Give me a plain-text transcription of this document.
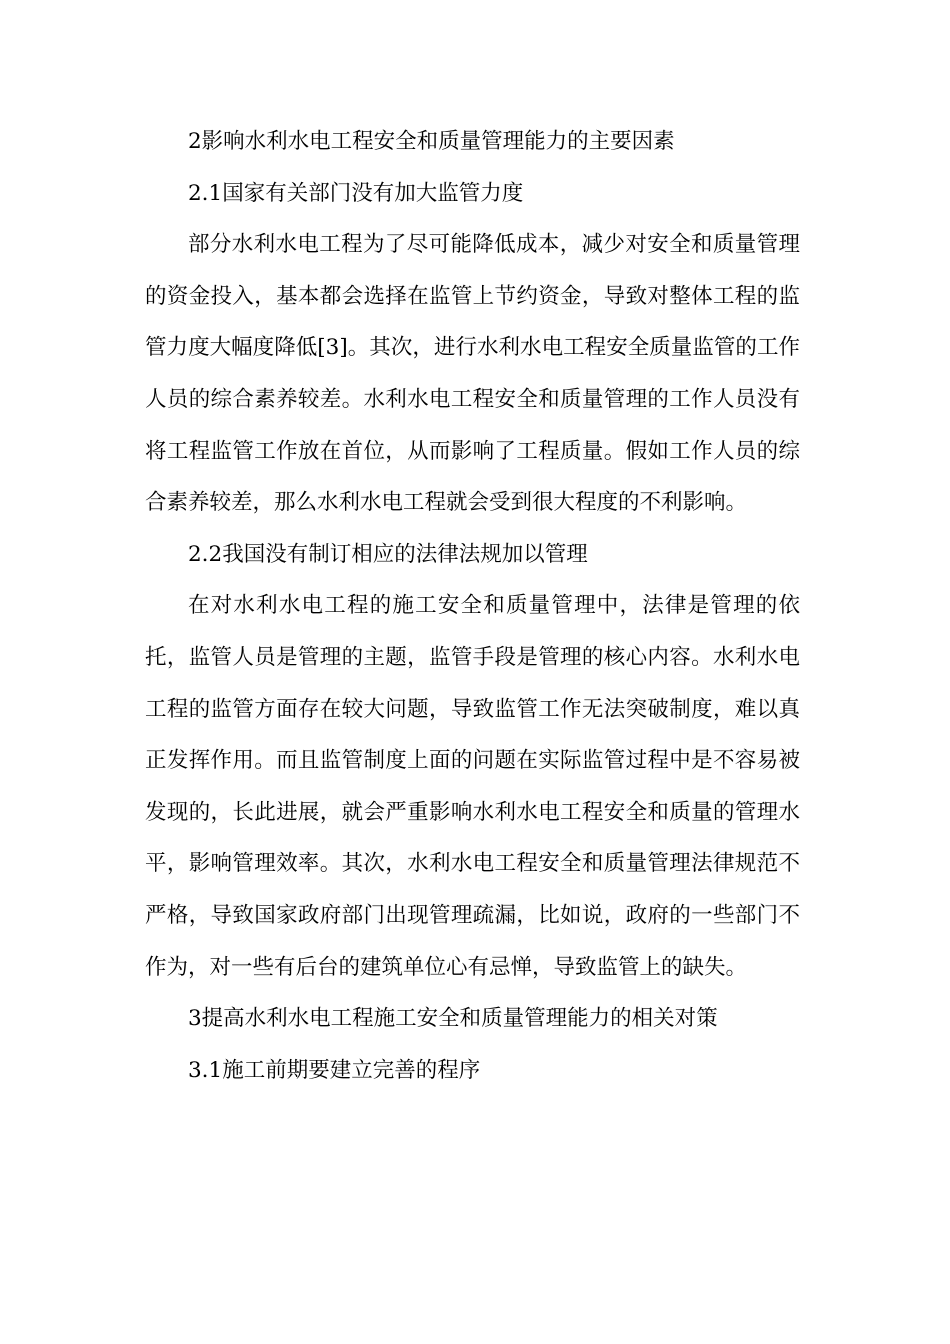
2影响水利水电工程安全和质量管理能力的主要因素

2.1国家有关部门没有加大监管力度

部分水利水电工程为了尽可能降低成本，减少对安全和质量管理的资金投入，基本都会选择在监管上节约资金，导致对整体工程的监管力度大幅度降低[3]。其次，进行水利水电工程安全质量监管的工作人员的综合素养较差。水利水电工程安全和质量管理的工作人员没有将工程监管工作放在首位，从而影响了工程质量。假如工作人员的综合素养较差，那么水利水电工程就会受到很大程度的不利影响。

2.2我国没有制订相应的法律法规加以管理

在对水利水电工程的施工安全和质量管理中，法律是管理的依托，监管人员是管理的主题，监管手段是管理的核心内容。水利水电工程的监管方面存在较大问题，导致监管工作无法突破制度，难以真正发挥作用。而且监管制度上面的问题在实际监管过程中是不容易被发现的，长此进展，就会严重影响水利水电工程安全和质量的管理水平，影响管理效率。其次，水利水电工程安全和质量管理法律规范不严格，导致国家政府部门出现管理疏漏，比如说，政府的一些部门不作为，对一些有后台的建筑单位心有忌惮，导致监管上的缺失。

3提高水利水电工程施工安全和质量管理能力的相关对策

3.1施工前期要建立完善的程序
